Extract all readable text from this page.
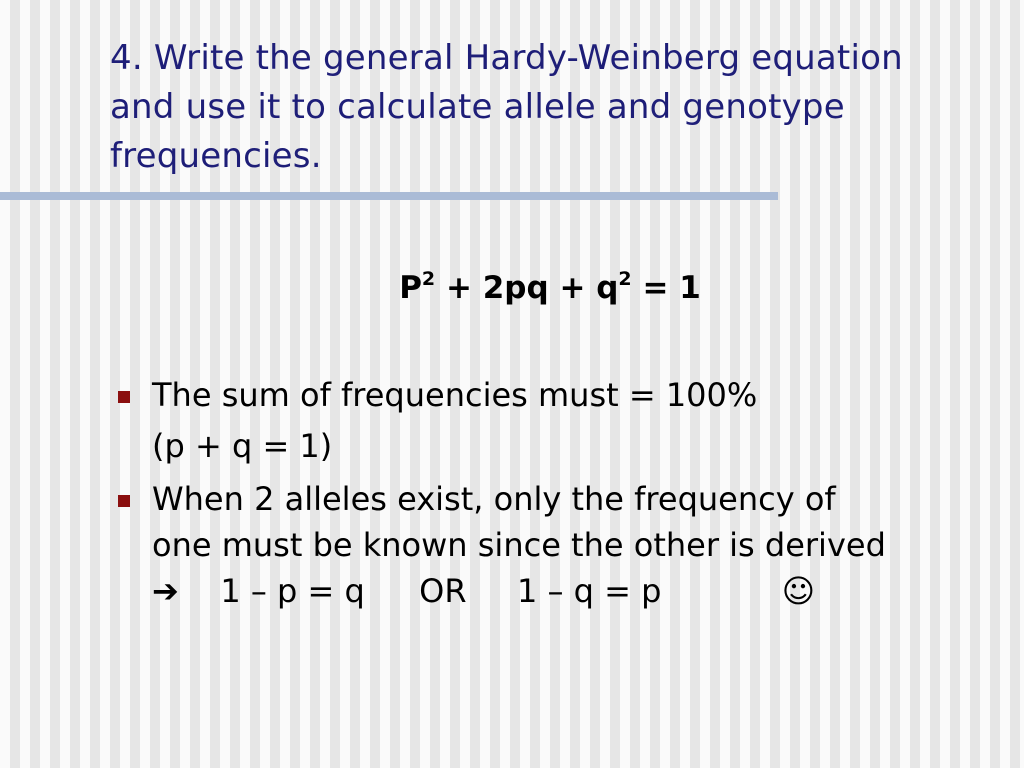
4. Write the general Hardy-Weinberg equation
and use it to calculate allele and genotype
frequencies.
$P^2 + 2pq + q^2 = 1$
The sum of frequencies must = 100%
(p + q = 1)
When 2 alleles exist, only the frequency of
one must be known since the other is derived
➔ 1 – p = q OR 1 – q = p	☺
